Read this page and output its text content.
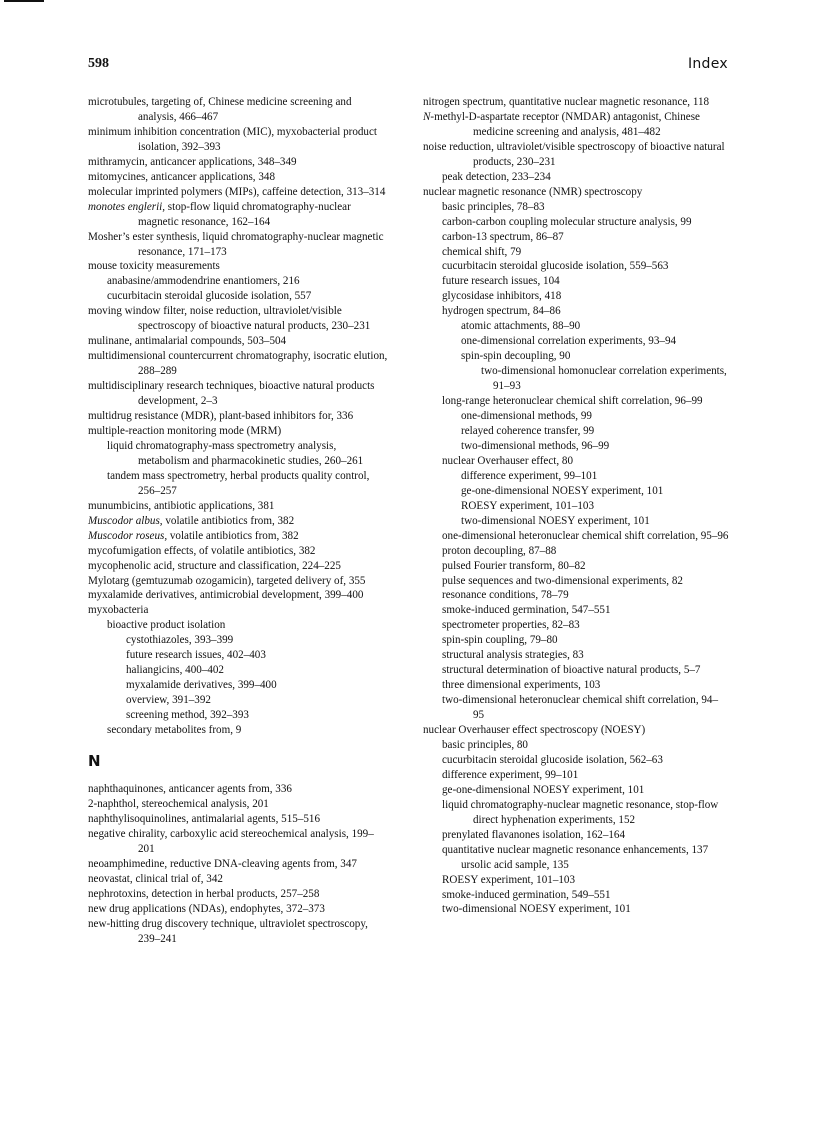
598	Index

microtubules, targeting of, Chinese medicine screening and analysis, 466–467

minimum inhibition concentration (MIC), myxobacterial product isolation, 392–393

mithramycin, anticancer applications, 348–349

mitomycines, anticancer applications, 348

molecular imprinted polymers (MIPs), caffeine detection, 313–314

monotes englerii, stop-flow liquid chromatography-nuclear magnetic resonance, 162–164

Mosher’s ester synthesis, liquid chromatography-nuclear magnetic resonance, 171–173

mouse toxicity measurements

anabasine/ammodendrine enantiomers, 216

cucurbitacin steroidal glucoside isolation, 557

moving window filter, noise reduction, ultraviolet/visible spectroscopy of bioactive natural products, 230–231

mulinane, antimalarial compounds, 503–504

multidimensional countercurrent chromatography, isocratic elution, 288–289

multidisciplinary research techniques, bioactive natural products development, 2–3

multidrug resistance (MDR), plant-based inhibitors for, 336

multiple-reaction monitoring mode (MRM)

liquid chromatography-mass spectrometry analysis, metabolism and pharmacokinetic studies, 260–261

tandem mass spectrometry, herbal products quality control, 256–257

munumbicins, antibiotic applications, 381

Muscodor albus, volatile antibiotics from, 382

Muscodor roseus, volatile antibiotics from, 382

mycofumigation effects, of volatile antibiotics, 382

mycophenolic acid, structure and classification, 224–225

Mylotarg (gemtuzumab ozogamicin), targeted delivery of, 355

myxalamide derivatives, antimicrobial development, 399–400

myxobacteria

bioactive product isolation

cystothiazoles, 393–399

future research issues, 402–403

haliangicins, 400–402

myxalamide derivatives, 399–400

overview, 391–392

screening method, 392–393

secondary metabolites from, 9

N

naphthaquinones, anticancer agents from, 336

2-naphthol, stereochemical analysis, 201

naphthylisoquinolines, antimalarial agents, 515–516

negative chirality, carboxylic acid stereochemical analysis, 199–201

neoamphimedine, reductive DNA-cleaving agents from, 347

neovastat, clinical trial of, 342

nephrotoxins, detection in herbal products, 257–258

new drug applications (NDAs), endophytes, 372–373

new-hitting drug discovery technique, ultraviolet spectroscopy, 239–241

nitrogen spectrum, quantitative nuclear magnetic resonance, 118

N-methyl-D-aspartate receptor (NMDAR) antagonist, Chinese medicine screening and analysis, 481–482

noise reduction, ultraviolet/visible spectroscopy of bioactive natural products, 230–231

peak detection, 233–234

nuclear magnetic resonance (NMR) spectroscopy

basic principles, 78–83

carbon-carbon coupling molecular structure analysis, 99

carbon-13 spectrum, 86–87

chemical shift, 79

cucurbitacin steroidal glucoside isolation, 559–563

future research issues, 104

glycosidase inhibitors, 418

hydrogen spectrum, 84–86

atomic attachments, 88–90

one-dimensional correlation experiments, 93–94

spin-spin decoupling, 90

two-dimensional homonuclear correlation experiments, 91–93

long-range heteronuclear chemical shift correlation, 96–99

one-dimensional methods, 99

relayed coherence transfer, 99

two-dimensional methods, 96–99

nuclear Overhauser effect, 80

difference experiment, 99–101

ge-one-dimensional NOESY experiment, 101

ROESY experiment, 101–103

two-dimensional NOESY experiment, 101

one-dimensional heteronuclear chemical shift correlation, 95–96

proton decoupling, 87–88

pulsed Fourier transform, 80–82

pulse sequences and two-dimensional experiments, 82

resonance conditions, 78–79

smoke-induced germination, 547–551

spectrometer properties, 82–83

spin-spin coupling, 79–80

structural analysis strategies, 83

structural determination of bioactive natural products, 5–7

three dimensional experiments, 103

two-dimensional heteronuclear chemical shift correlation, 94–95

nuclear Overhauser effect spectroscopy (NOESY)

basic principles, 80

cucurbitacin steroidal glucoside isolation, 562–63

difference experiment, 99–101

ge-one-dimensional NOESY experiment, 101

liquid chromatography-nuclear magnetic resonance, stop-flow direct hyphenation experiments, 152

prenylated flavanones isolation, 162–164

quantitative nuclear magnetic resonance enhancements, 137

ursolic acid sample, 135

ROESY experiment, 101–103

smoke-induced germination, 549–551

two-dimensional NOESY experiment, 101
